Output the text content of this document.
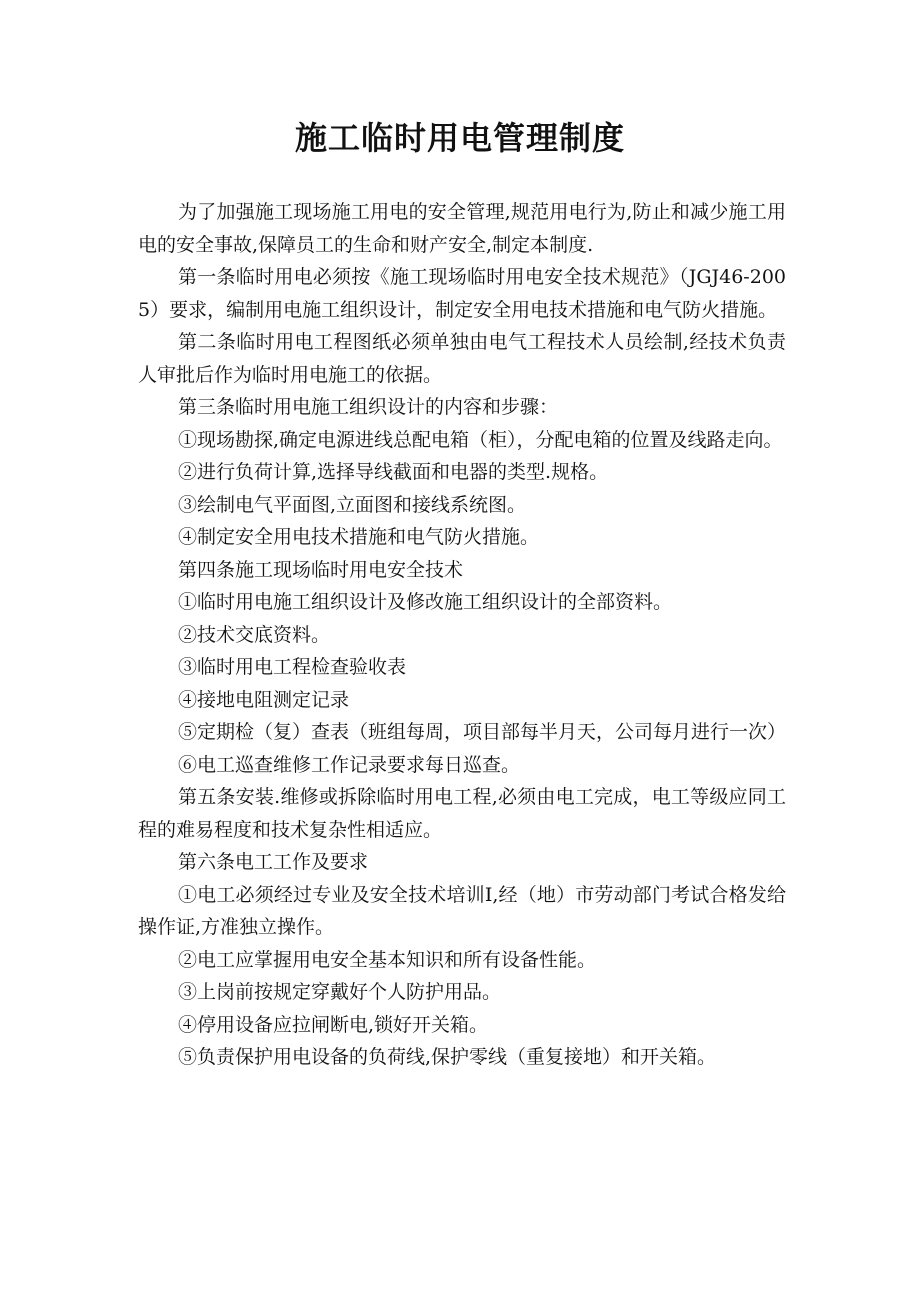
施工临时用电管理制度

为了加强施工现场施工用电的安全管理,规范用电行为,防止和减少施工用电的安全事故,保障员工的生命和财产安全,制定本制度.

第一条临时用电必须按《施工现场临时用电安全技术规范》（JGJ46-2005）要求，编制用电施工组织设计，制定安全用电技术措施和电气防火措施。

第二条临时用电工程图纸必须单独由电气工程技术人员绘制,经技术负责人审批后作为临时用电施工的依据。

第三条临时用电施工组织设计的内容和步骤：

①现场勘探,确定电源进线总配电箱（柜），分配电箱的位置及线路走向。

②进行负荷计算,选择导线截面和电器的类型.规格。

③绘制电气平面图,立面图和接线系统图。

④制定安全用电技术措施和电气防火措施。

第四条施工现场临时用电安全技术

①临时用电施工组织设计及修改施工组织设计的全部资料。

②技术交底资料。

③临时用电工程检查验收表

④接地电阻测定记录

⑤定期检（复）查表（班组每周，项目部每半月天，公司每月进行一次）

⑥电工巡查维修工作记录要求每日巡查。

第五条安装.维修或拆除临时用电工程,必须由电工完成，电工等级应同工程的难易程度和技术复杂性相适应。

第六条电工工作及要求

①电工必须经过专业及安全技术培训I,经（地）市劳动部门考试合格发给操作证,方准独立操作。

②电工应掌握用电安全基本知识和所有设备性能。

③上岗前按规定穿戴好个人防护用品。

④停用设备应拉闸断电,锁好开关箱。

⑤负责保护用电设备的负荷线,保护零线（重复接地）和开关箱。
